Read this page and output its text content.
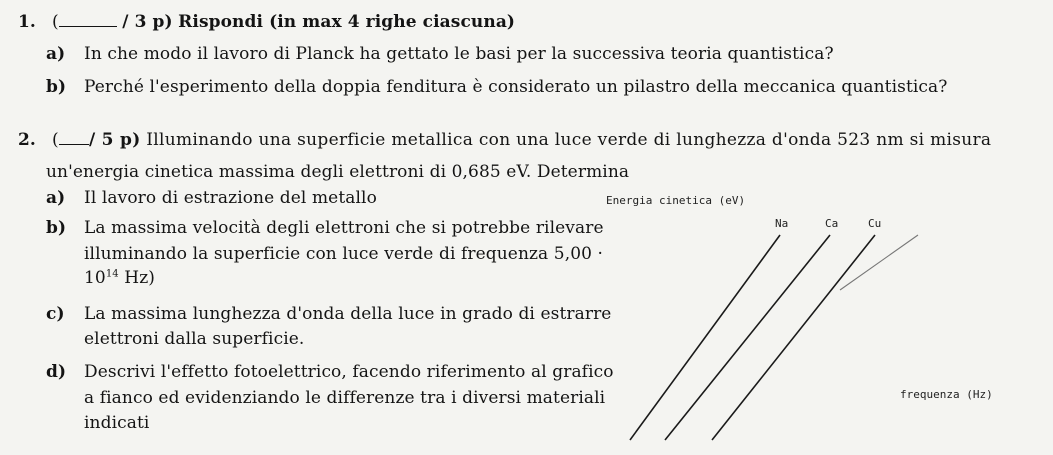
1. (	/ 3 p) Rispondi (in max 4 righe ciascuna)
a) In che modo il lavoro di Planck ha gettato le basi per la successiva teoria quantistica?
b) Perché l'esperimento della doppia fenditura è considerato un pilastro della meccanica quantistica?
2. ( / 5 p) Illuminando una superficie metallica con una luce verde di lunghezza d'onda 523 nm si misura
un'energia cinetica massima degli elettroni di 0,685 eV. Determina
a) Il lavoro di estrazione del metallo
b) La massima velocità degli elettroni che si potrebbe rilevare
illuminando la superficie con luce verde di frequenza 5,00 ·
$10^{14}$ Hz)
c) La massima lunghezza d'onda della luce in grado di estrarre
elettroni dalla superficie.
d) Descrivi l'effetto fotoelettrico, facendo riferimento al grafico
a fianco ed evidenziando le differenze tra i diversi materiali
indicati
Energia cinetica (eV)
frequenza (Hz)
Na	Ca	Cu
